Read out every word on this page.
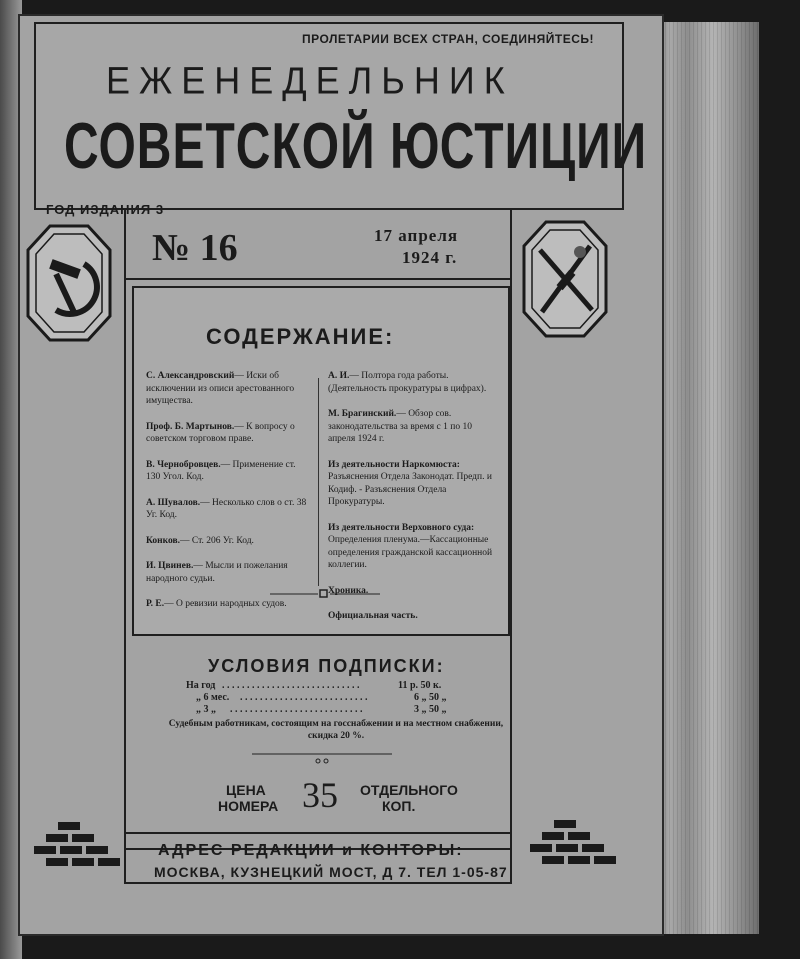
ПРОЛЕТАРИИ ВСЕХ СТРАН, СОЕДИНЯЙТЕСЬ!
ЕЖЕНЕДЕЛЬНИК
СОВЕТСКОЙ ЮСТИЦИИ
ГОД ИЗДАНИЯ 3
№ 16	17 апреля
1924 г.
СОДЕРЖАНИЕ:

С. Александровский— Иски об исключении из описи арестованного имущества.

Проф. Б. Мартынов.— К вопросу о советском торговом праве.

В. Чернобровцев.— Применение ст. 130 Угол. Код.

А. Шувалов.— Несколько слов о ст. 38 Уг. Код.

Конков.— Ст. 206 Уг. Код.

И. Цвинев.— Мысли и пожелания народного судьи.

Р. Е.— О ревизии народных судов.

А. И.— Полтора года работы. (Деятельность прокуратуры в цифрах).

М. Брагинский.— Обзор сов. законодательства за время с 1 по 10 апреля 1924 г.

Из деятельности Наркомюста: Разъяснения Отдела Законодат. Предп. и Кодиф. - Разъяснения Отдела Прокуратуры.

Из деятельности Верховного суда: Определения пленума.—Кассационные определения гражданской кассационной коллегии.

Хроника.

Официальная часть.

УСЛОВИЯ ПОДПИСКИ:
На год . . . . . . . . . . . . . . . . . . . . . . . . . . . .	11 р. 50 к.
„ 6 мес. . . . . . . . . . . . . . . . . . . . . . . . . . .	6 „ 50 „
„ 3 „ . . . . . . . . . . . . . . . . . . . . . . . . . . .	3 „ 50 „
Судебным работникам, состоящим на госснабжении и на местном снабжении, скидка 20 %.
ЦЕНА
НОМЕРА 35 ОТДЕЛЬНОГО
КОП.
АДРЕС РЕДАКЦИИ и КОНТОРЫ:
МОСКВА, КУЗНЕЦКИЙ МОСТ, Д 7. ТЕЛ 1-05-87
